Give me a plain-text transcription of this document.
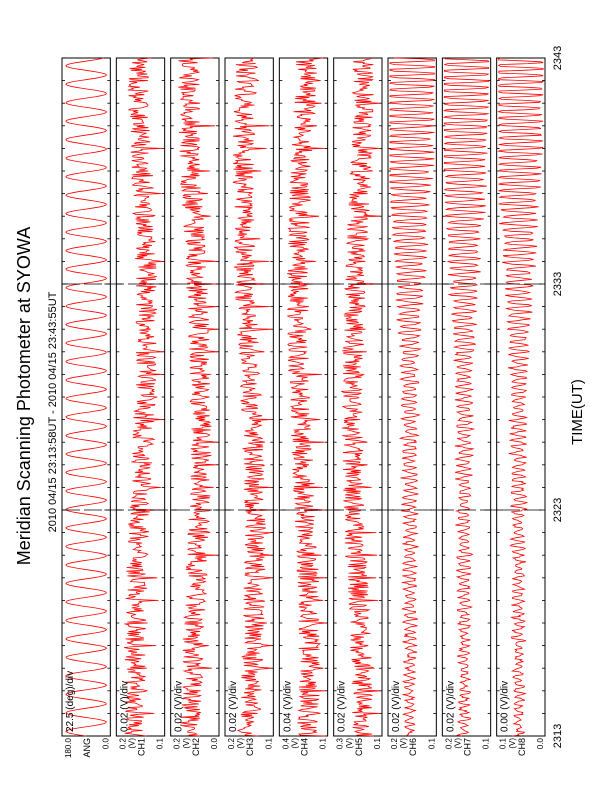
Meridian Scanning Photometer at SYOWA 2010 04/15 23:13:58UT - 2010 04/15 23:43:55UT	TIME(UT)
22.5 (deg)/div
180.0	0.0
ANG
0.02 (V)/div
0.2	0.1
CH1
(V)
0.02 (V)/div
0.2	0.0
CH2
(V)
0.02 (V)/div
0.2	0.1
CH3
(V)
0.04 (V)/div
0.4	0.1
CH4
(V)
0.02 (V)/div
0.3	0.1
CH5
(V)
0.02 (V)/div
0.2	0.1
CH6
(V)
0.02 (V)/div
0.2	0.1
CH7
(V)
0.00 (V)/div
0.1	0.0
CH8
(V)	2313
2323
2333
2343
